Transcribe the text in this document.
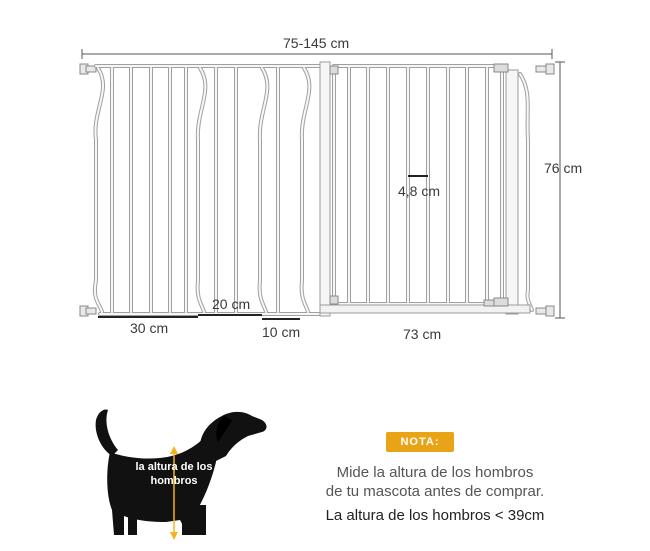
75-145 cm
76 cm
4,8 cm
30 cm
20 cm
10 cm	73 cm
la altura de los hombros
NOTA:
Mide la altura de los hombros
de tu mascota antes de comprar.
La altura de los hombros < 39cm
